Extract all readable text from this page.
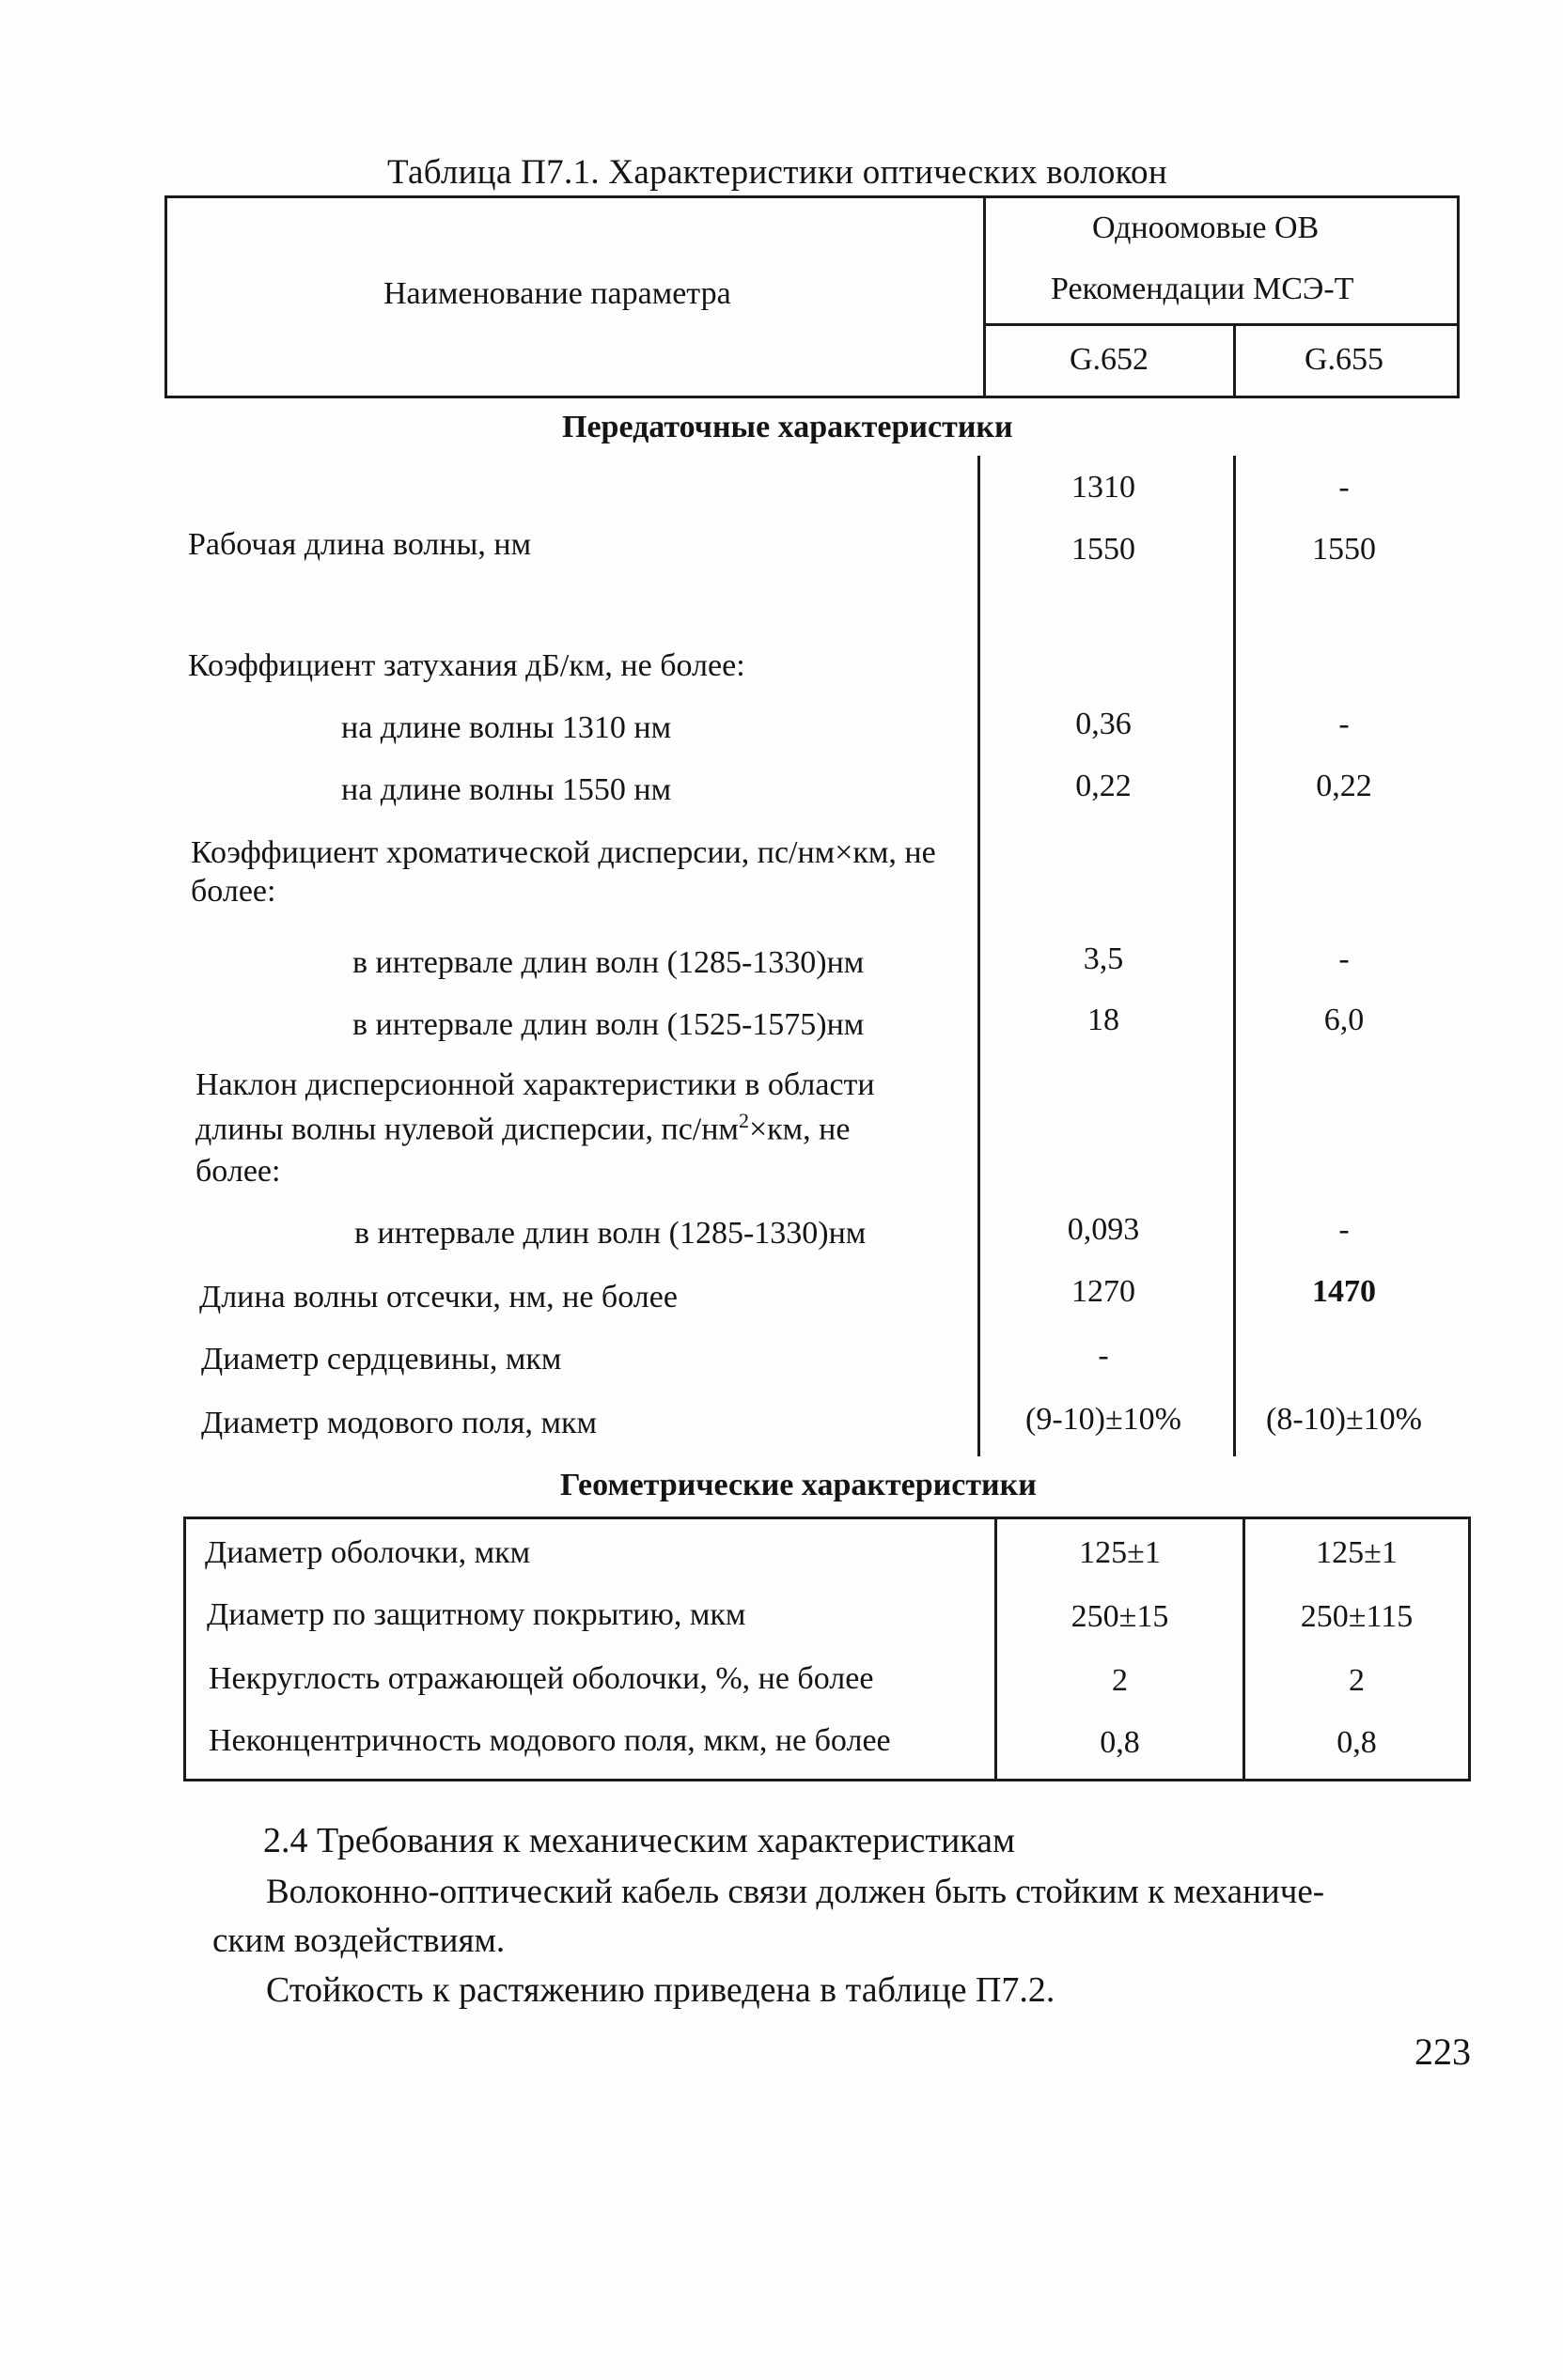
Таблица П7.1. Характеристики оптических волокон
Наименование параметра
Одноомовые ОВ
Рекомендации МСЭ-Т
G.652	G.655
Передаточные характеристики
Рабочая длина волны, нм
1310	-
1550	1550
Коэффициент затухания дБ/км, не более:
на длине волны 1310 нм	0,36	-
на длине волны 1550 нм	0,22	0,22
Коэффициент хроматической дисперсии, пс/нм×км, не более:
в интервале длин волн (1285-1330)нм	3,5	-
в интервале длин волн (1525-1575)нм	18	6,0
Наклон дисперсионной характеристики в области
длины волны нулевой дисперсии, $пс/нм^2\times км$, не
более:
в интервале длин волн (1285-1330)нм	0,093	-
Длина волны отсечки, нм, не более	1270	1470
Диаметр сердцевины, мкм	-
Диаметр модового поля, мкм	(9-10)±10%	(8-10)±10%
Геометрические характеристики
Диаметр оболочки, мкм	125±1	125±1
Диаметр по защитному покрытию, мкм	250±15	250±115
Некруглость отражающей оболочки, %, не более	2	2
Неконцентричность модового поля, мкм, не более	0,8	0,8
2.4 Требования к механическим характеристикам
Волоконно-оптический кабель связи должен быть стойким к механиче-
ским воздействиям.
Стойкость к растяжению приведена в таблице П7.2.
223
